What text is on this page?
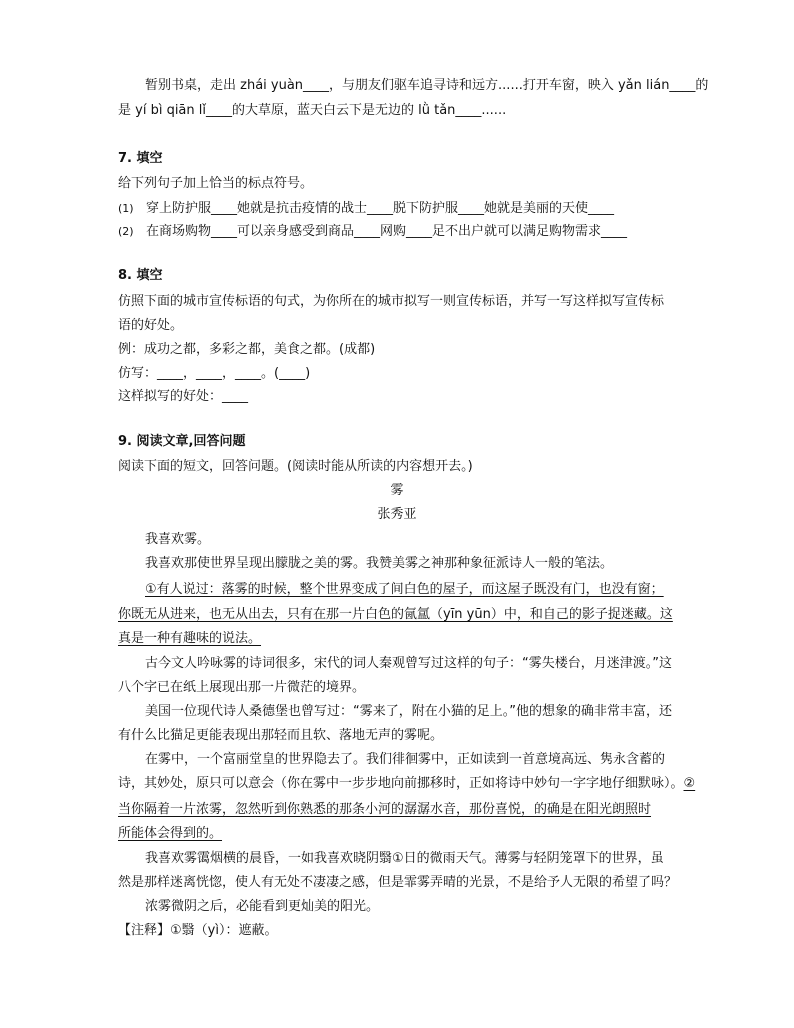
暂别书桌，走出 zhái yuàn____，与朋友们驱车追寻诗和远方......打开车窗，映入 yǎn lián____的
是 yí bì qiān lǐ____的大草原，蓝天白云下是无边的 lǜ tǎn____......
7. 填空
给下列句子加上恰当的标点符号。
(1) 穿上防护服____她就是抗击疫情的战士____脱下防护服____她就是美丽的天使____
(2) 在商场购物____可以亲身感受到商品____网购____足不出户就可以满足购物需求____
8. 填空
仿照下面的城市宣传标语的句式，为你所在的城市拟写一则宣传标语，并写一写这样拟写宣传标
语的好处。
例：成功之都，多彩之都，美食之都。(成都)
仿写：____，____，____。(____)
这样拟写的好处：____
9. 阅读文章,回答问题
阅读下面的短文，回答问题。(阅读时能从所读的内容想开去。)
雾
张秀亚
我喜欢雾。
我喜欢那使世界呈现出朦胧之美的雾。我赞美雾之神那种象征派诗人一般的笔法。
①有人说过：落雾的时候，整个世界变成了间白色的屋子，而这屋子既没有门，也没有窗；
你既无从进来，也无从出去，只有在那一片白色的氤氲（yīn yūn）中，和自己的影子捉迷藏。这
真是一种有趣味的说法。
古今文人吟咏雾的诗词很多，宋代的词人秦观曾写过这样的句子：“雾失楼台，月迷津渡。”这
八个字已在纸上展现出那一片微茫的境界。
美国一位现代诗人桑德堡也曾写过：“雾来了，附在小猫的足上。”他的想象的确非常丰富，还
有什么比猫足更能表现出那轻而且软、落地无声的雾呢。
在雾中，一个富丽堂皇的世界隐去了。我们徘徊雾中，正如读到一首意境高远、隽永含蓄的
诗，其妙处，原只可以意会（你在雾中一步步地向前挪移时，正如将诗中妙句一字字地仔细默咏）。②
当你隔着一片浓雾，忽然听到你熟悉的那条小河的潺潺水音，那份喜悦，的确是在阳光朗照时
所能体会得到的。
我喜欢雾霭烟横的晨昏，一如我喜欢晓阴翳①日的微雨天气。薄雾与轻阴笼罩下的世界，虽
然是那样迷离恍惚，使人有无处不凄凄之感，但是霏雾弄晴的光景，不是给予人无限的希望了吗？
浓雾微阴之后，必能看到更灿美的阳光。
【注释】①翳（yì）：遮蔽。
